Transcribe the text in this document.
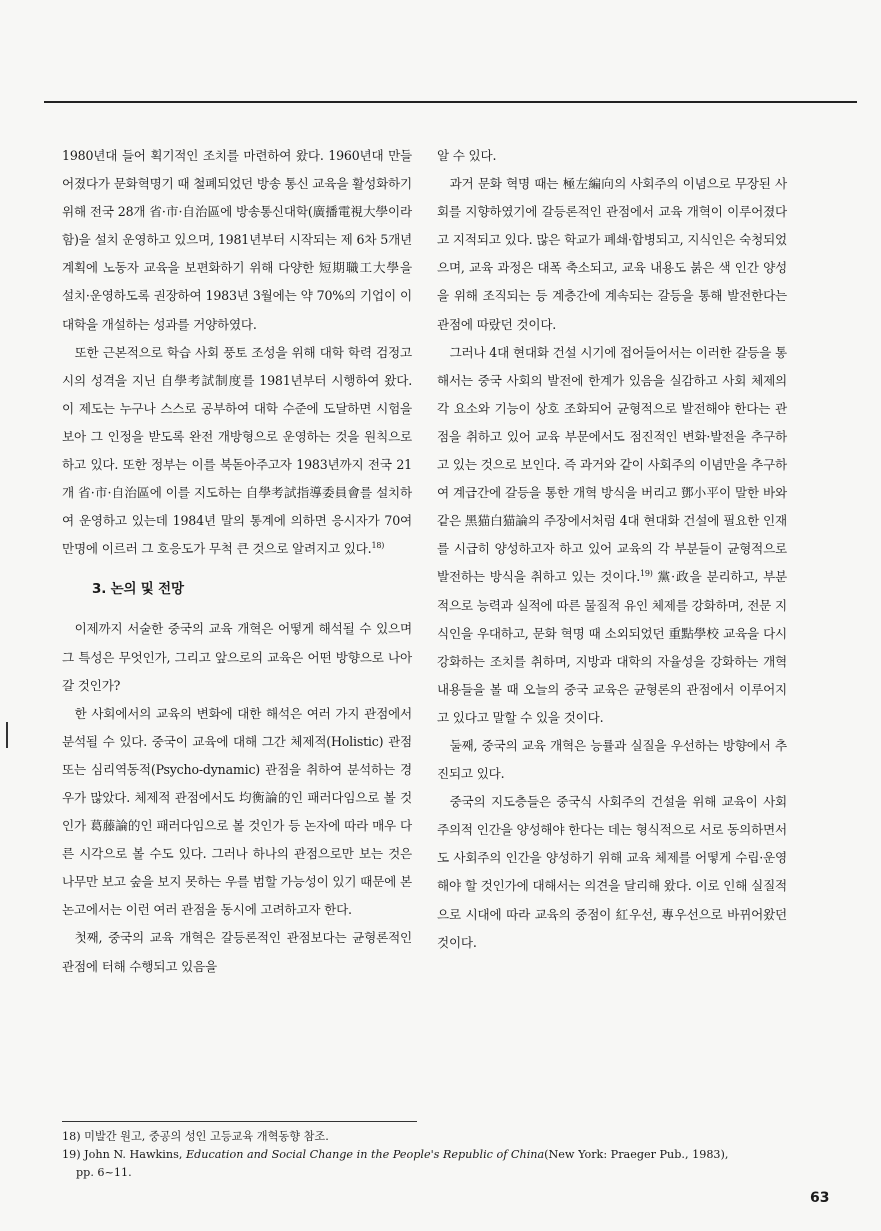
1980년대 들어 획기적인 조치를 마련하여 왔다. 1960년대 만들어졌다가 문화혁명기 때 철폐되었던 방송 통신 교육을 활성화하기 위해 전국 28개 省·市·自治區에 방송통신대학(廣播電視大學이라 함)을 설치 운영하고 있으며, 1981년부터 시작되는 제 6차 5개년 계획에 노동자 교육을 보편화하기 위해 다양한 短期職工大學을 설치·운영하도록 권장하여 1983년 3월에는 약 70%의 기업이 이 대학을 개설하는 성과를 거양하였다.

또한 근본적으로 학습 사회 풍토 조성을 위해 대학 학력 검정고시의 성격을 지닌 自學考試制度를 1981년부터 시행하여 왔다. 이 제도는 누구나 스스로 공부하여 대학 수준에 도달하면 시험을 보아 그 인정을 받도록 완전 개방형으로 운영하는 것을 원칙으로 하고 있다. 또한 정부는 이를 북돋아주고자 1983년까지 전국 21개 省·市·自治區에 이를 지도하는 自學考試指導委員會를 설치하여 운영하고 있는데 1984년 말의 통계에 의하면 응시자가 70여 만명에 이르러 그 호응도가 무척 큰 것으로 알려지고 있다.$^{18)}$

3. 논의 및 전망

이제까지 서술한 중국의 교육 개혁은 어떻게 해석될 수 있으며 그 특성은 무엇인가, 그리고 앞으로의 교육은 어떤 방향으로 나아갈 것인가?

한 사회에서의 교육의 변화에 대한 해석은 여러 가지 관점에서 분석될 수 있다. 중국이 교육에 대해 그간 체제적(Holistic) 관점 또는 심리역동적(Psycho-dynamic) 관점을 취하여 분석하는 경우가 많았다. 체제적 관점에서도 均衡論的인 패러다임으로 볼 것인가 葛藤論的인 패러다임으로 볼 것인가 등 논자에 따라 매우 다른 시각으로 볼 수도 있다. 그러나 하나의 관점으로만 보는 것은 나무만 보고 숲을 보지 못하는 우를 범할 가능성이 있기 때문에 본 논고에서는 이런 여러 관점을 동시에 고려하고자 한다.

첫째, 중국의 교육 개혁은 갈등론적인 관점보다는 균형론적인 관점에 터해 수행되고 있음을

알 수 있다.

과거 문화 혁명 때는 極左編向의 사회주의 이념으로 무장된 사회를 지향하였기에 갈등론적인 관점에서 교육 개혁이 이루어졌다고 지적되고 있다. 많은 학교가 폐쇄·합병되고, 지식인은 숙청되었으며, 교육 과정은 대폭 축소되고, 교육 내용도 붉은 색 인간 양성을 위해 조직되는 등 계층간에 계속되는 갈등을 통해 발전한다는 관점에 따랐던 것이다.

그러나 4대 현대화 건설 시기에 접어들어서는 이러한 갈등을 통해서는 중국 사회의 발전에 한계가 있음을 실감하고 사회 체제의 각 요소와 기능이 상호 조화되어 균형적으로 발전해야 한다는 관점을 취하고 있어 교육 부문에서도 점진적인 변화·발전을 추구하고 있는 것으로 보인다. 즉 과거와 같이 사회주의 이념만을 추구하여 계급간에 갈등을 통한 개혁 방식을 버리고 鄧小平이 말한 바와 같은 黑猫白猫論의 주장에서처럼 4대 현대화 건설에 필요한 인재를 시급히 양성하고자 하고 있어 교육의 각 부분들이 균형적으로 발전하는 방식을 취하고 있는 것이다.$^{19)}$ 黨·政을 분리하고, 부분적으로 능력과 실적에 따른 물질적 유인 체제를 강화하며, 전문 지식인을 우대하고, 문화 혁명 때 소외되었던 重點學校 교육을 다시 강화하는 조치를 취하며, 지방과 대학의 자율성을 강화하는 개혁 내용들을 볼 때 오늘의 중국 교육은 균형론의 관점에서 이루어지고 있다고 말할 수 있을 것이다.

둘째, 중국의 교육 개혁은 능률과 실질을 우선하는 방향에서 추진되고 있다.

중국의 지도층들은 중국식 사회주의 건설을 위해 교육이 사회주의적 인간을 양성해야 한다는 데는 형식적으로 서로 동의하면서도 사회주의 인간을 양성하기 위해 교육 체제를 어떻게 수립·운영해야 할 것인가에 대해서는 의견을 달리해 왔다. 이로 인해 실질적으로 시대에 따라 교육의 중점이 紅우선, 專우선으로 바뀌어왔던 것이다.

18) 미발간 원고, 중공의 성인 고등교육 개혁동향 참조.

19) John N. Hawkins, Education and Social Change in the People's Republic of China(New York: Praeger Pub., 1983),

pp. 6~11.

63
